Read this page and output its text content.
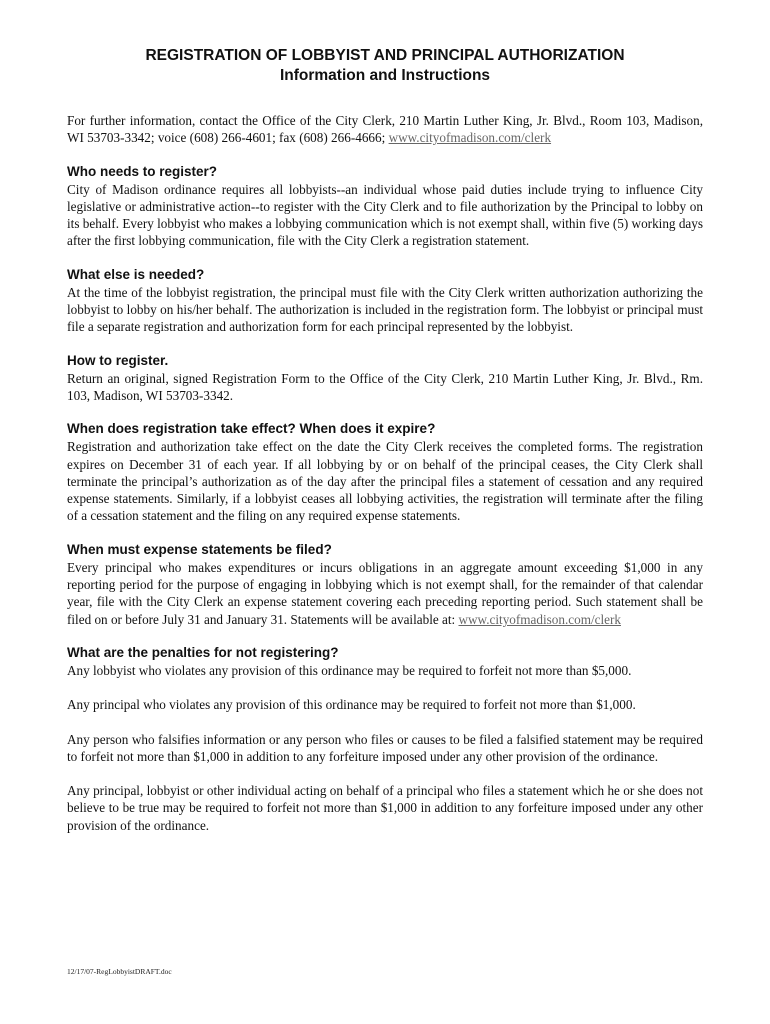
REGISTRATION OF LOBBYIST AND PRINCIPAL AUTHORIZATION
Information and Instructions

For further information, contact the Office of the City Clerk, 210 Martin Luther King, Jr. Blvd., Room 103, Madison, WI 53703-3342; voice (608) 266-4601; fax (608) 266-4666; www.cityofmadison.com/clerk

Who needs to register?

City of Madison ordinance requires all lobbyists--an individual whose paid duties include trying to influence City legislative or administrative action--to register with the City Clerk and to file authorization by the Principal to lobby on its behalf. Every lobbyist who makes a lobbying communication which is not exempt shall, within five (5) working days after the first lobbying communication, file with the City Clerk a registration statement.

What else is needed?

At the time of the lobbyist registration, the principal must file with the City Clerk written authorization authorizing the lobbyist to lobby on his/her behalf. The authorization is included in the registration form. The lobbyist or principal must file a separate registration and authorization form for each principal represented by the lobbyist.

How to register.

Return an original, signed Registration Form to the Office of the City Clerk, 210 Martin Luther King, Jr. Blvd., Rm. 103, Madison, WI 53703-3342.

When does registration take effect? When does it expire?

Registration and authorization take effect on the date the City Clerk receives the completed forms. The registration expires on December 31 of each year. If all lobbying by or on behalf of the principal ceases, the City Clerk shall terminate the principal’s authorization as of the day after the principal files a statement of cessation and any required expense statements. Similarly, if a lobbyist ceases all lobbying activities, the registration will terminate after the filing of a cessation statement and the filing on any required expense statements.

When must expense statements be filed?

Every principal who makes expenditures or incurs obligations in an aggregate amount exceeding $1,000 in any reporting period for the purpose of engaging in lobbying which is not exempt shall, for the remainder of that calendar year, file with the City Clerk an expense statement covering each preceding reporting period. Such statement shall be filed on or before July 31 and January 31. Statements will be available at: www.cityofmadison.com/clerk

What are the penalties for not registering?

Any lobbyist who violates any provision of this ordinance may be required to forfeit not more than $5,000.

Any principal who violates any provision of this ordinance may be required to forfeit not more than $1,000.

Any person who falsifies information or any person who files or causes to be filed a falsified statement may be required to forfeit not more than $1,000 in addition to any forfeiture imposed under any other provision of the ordinance.

Any principal, lobbyist or other individual acting on behalf of a principal who files a statement which he or she does not believe to be true may be required to forfeit not more than $1,000 in addition to any forfeiture imposed under any other provision of the ordinance.

12/17/07-RegLobbyistDRAFT.doc
